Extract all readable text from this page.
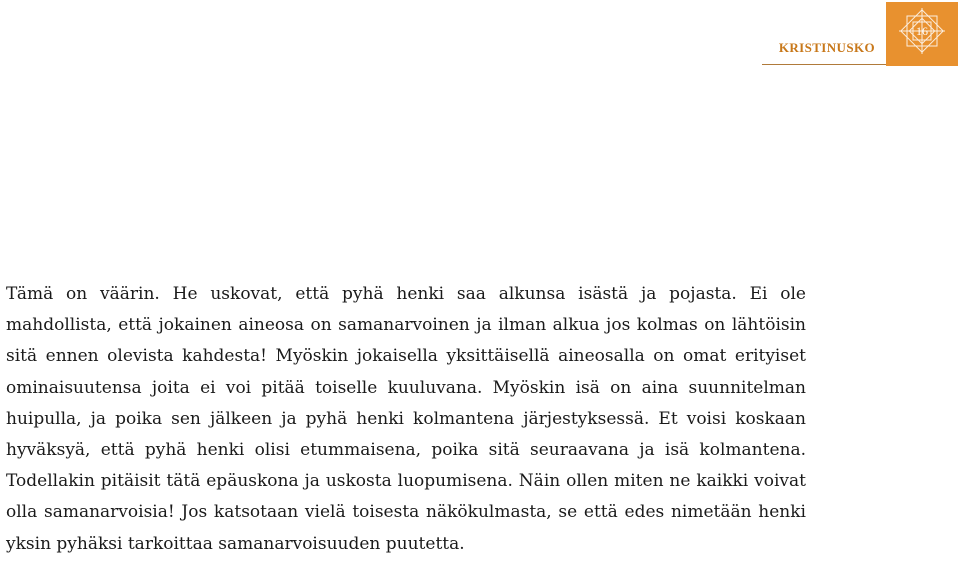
KRISTINUSKO
16

Tämä on väärin. He uskovat, että pyhä henki saa alkunsa isästä ja pojasta. Ei ole mahdollista, että jokainen aineosa on samanarvoinen ja ilman alkua jos kolmas on lähtöisin sitä ennen olevista kahdesta! Myöskin jokaisella yksittäisellä aineosalla on omat erityiset ominaisuutensa joita ei voi pitää toiselle kuuluvana. Myöskin isä on aina suunnitelman huipulla, ja poika sen jälkeen ja pyhä henki kolmantena järjestyksessä. Et voisi koskaan hyväksyä, että pyhä henki olisi etummaisena, poika sitä seuraavana ja isä kolmantena. Todellakin pitäisit tätä epäuskona ja uskosta luopumisena. Näin ollen miten ne kaikki voivat olla samanarvoisia! Jos katsotaan vielä toisesta näkökulmasta, se että edes nimetään henki yksin pyhäksi tarkoittaa samanarvoisuuden puutetta.
